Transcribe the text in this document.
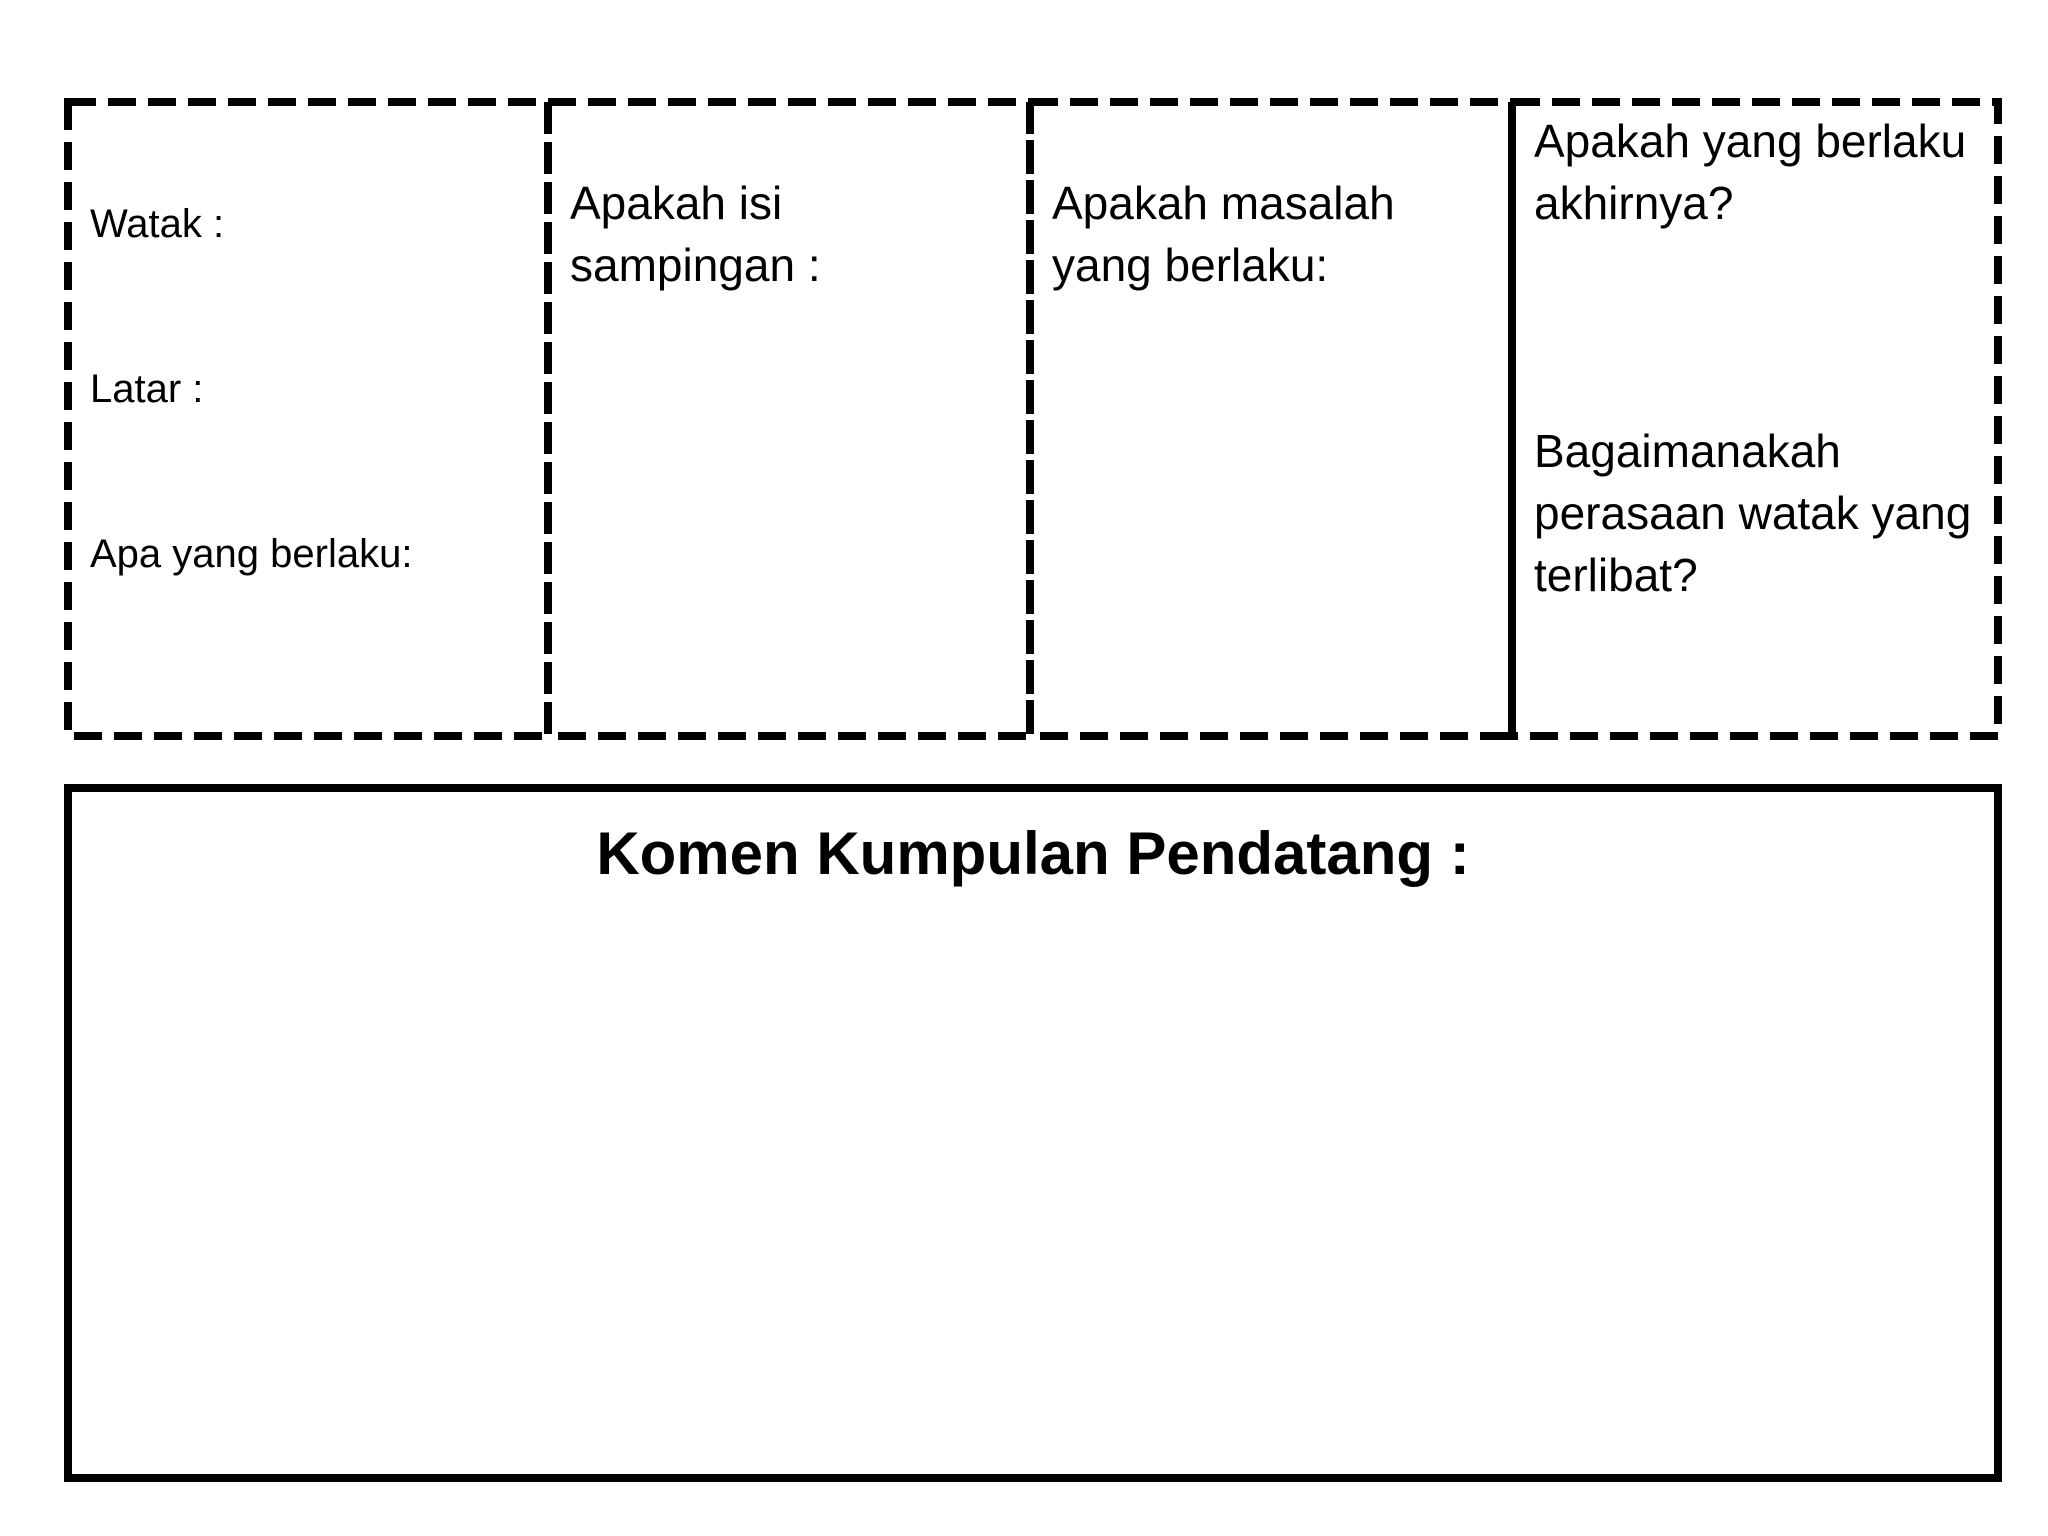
Watak :
Latar :
Apa yang berlaku:
Apakah isi sampingan :
Apakah masalah yang berlaku:
Apakah yang berlaku akhirnya?
Bagaimanakah perasaan watak yang terlibat?
Komen Kumpulan Pendatang :
